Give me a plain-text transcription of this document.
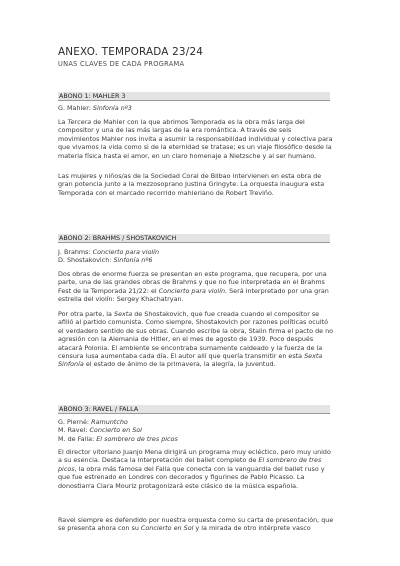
ANEXO. TEMPORADA 23/24
UNAS CLAVES DE CADA PROGRAMA
ABONO 1: MAHLER 3
G. Mahler: Sinfonía nº3
La Tercera de Mahler con la que abrimos Temporada es la obra más larga del compositor y una de las más largas de la era romántica. A través de seis movimientos Mahler nos invita a asumir la responsabilidad individual y colectiva para que vivamos la vida como si de la eternidad se tratase; es un viaje filosófico desde la materia física hasta el amor, en un claro homenaje a Nietzsche y al ser humano.
Las mujeres y niños/as de la Sociedad Coral de Bilbao intervienen en esta obra de gran potencia junto a la mezzosoprano Justina Gringyte. La orquesta inaugura esta Temporada con el marcado recorrido mahleriano de Robert Treviño.
ABONO 2: BRAHMS / SHOSTAKOVICH
J. Brahms: Concierto para violín
D. Shostakovich: Sinfonía nº6
Dos obras de enorme fuerza se presentan en este programa, que recupera, por una parte, una de las grandes obras de Brahms y que no fue interpretada en el Brahms Fest de la Temporada 21/22: el Concierto para violín. Será interpretado por una gran estrella del violín: Sergey Khachatryan.
Por otra parte, la Sexta de Shostakovich, que fue creada cuando el compositor se afilió al partido comunista. Como siempre, Shostakovich por razones políticas ocultó el verdadero sentido de sus obras. Cuando escribe la obra, Stalin firma el pacto de no agresión con la Alemania de Hitler, en el mes de agosto de 1939. Poco después atacará Polonia. El ambiente se encontraba sumamente caldeado y la fuerza de la censura iusa aumentaba cada día. El autor allí que quería transmitir en esta Sexta Sinfonía el estado de ánimo de la primavera, la alegría, la juventud.
ABONO 3: RAVEL / FALLA
G. Pierné: Ramuntcho
M. Ravel: Concierto en Sol
M. de Falla: El sombrero de tres picos
El director vitoriano Juanjo Mena dirigirá un programa muy ecléctico, pero muy unido a su esencia. Destaca la interpretación del ballet completo de El sombrero de tres picos, la obra más famosa del Falla que conecta con la vanguardia del ballet ruso y que fue estrenado en Londres con decorados y figurines de Pablo Picasso. La donostiarra Clara Mouriz protagonizará este clásico de la música española.
Ravel siempre es defendido por nuestra orquesta como su carta de presentación, que se presenta ahora con su Concierto en Sol y la mirada de otro intérprete vasco
